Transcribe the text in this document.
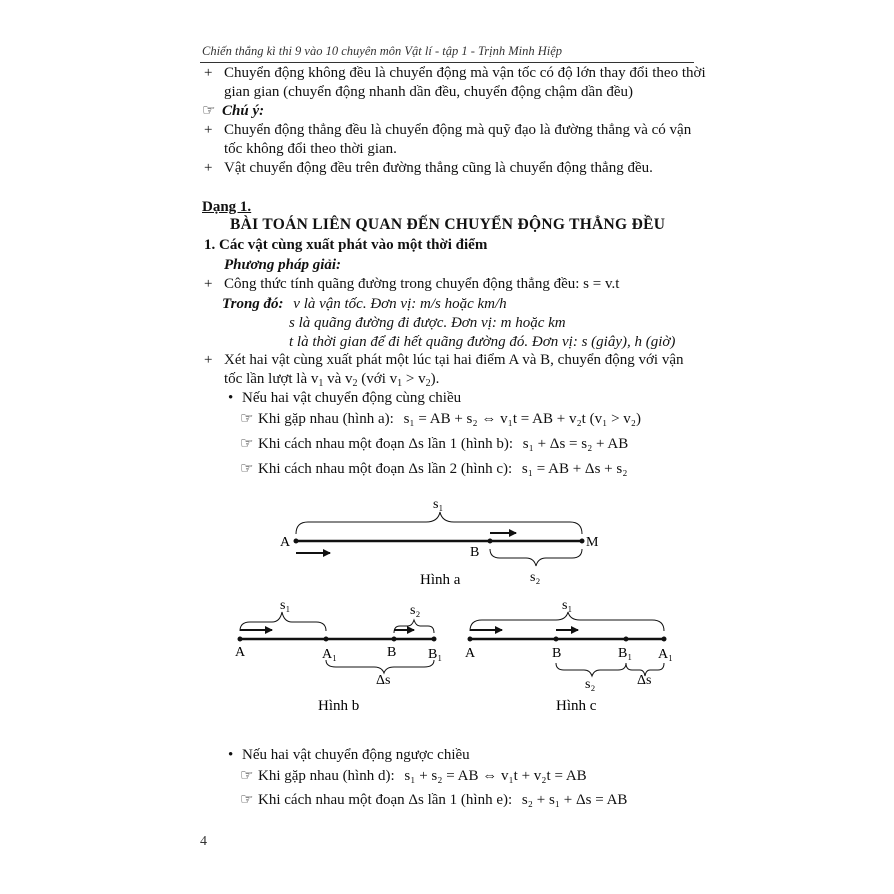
Chiến thắng kì thi 9 vào 10 chuyên môn Vật lí - tập 1 - Trịnh Minh Hiệp
+ Chuyển động không đều là chuyển động mà vận tốc có độ lớn thay đổi theo thời
gian gian (chuyển động nhanh dần đều, chuyển động chậm dần đều)
☞ Chú ý:
+ Chuyển động thẳng đều là chuyển động mà quỹ đạo là đường thẳng và có vận
tốc không đổi theo thời gian.
+ Vật chuyển động đều trên đường thẳng cũng là chuyển động thẳng đều.
Dạng 1.
BÀI TOÁN LIÊN QUAN ĐẾN CHUYỂN ĐỘNG THẲNG ĐỀU
1. Các vật cùng xuất phát vào một thời điểm
Phương pháp giải:
+ Công thức tính quãng đường trong chuyển động thẳng đều: s = v.t
Trong đó: v là vận tốc. Đơn vị: m/s hoặc km/h
s là quãng đường đi được. Đơn vị: m hoặc km
t là thời gian để đi hết quãng đường đó. Đơn vị: s (giây), h (giờ)
+ Xét hai vật cùng xuất phát một lúc tại hai điểm A và B, chuyển động với vận
tốc lần lượt là $v_1$ và $v_2$ (với $v_1 > v_2$).
• Nếu hai vật chuyển động cùng chiều
☞ Khi gặp nhau (hình a): s₁ = AB + s₂ ⇔ v₁t = AB + v₂t (v₁ > v₂)
☞ Khi cách nhau một đoạn Δs lần 1 (hình b): s₁ + Δs = s₂ + AB
☞ Khi cách nhau một đoạn Δs lần 2 (hình c): s₁ = AB + Δs + s₂
s₁
A	M
B
s₂
Hình a
s₁	s₂
A	A₁	B B₁
Δs
Hình b
s₁
A	B	B₁ A₁
s₂	Δs
Hình c
• Nếu hai vật chuyển động ngược chiều
☞ Khi gặp nhau (hình d): s₁ + s₂ = AB ⇔ v₁t + v₂t = AB
☞ Khi cách nhau một đoạn Δs lần 1 (hình e): s₂ + s₁ + Δs = AB
4
